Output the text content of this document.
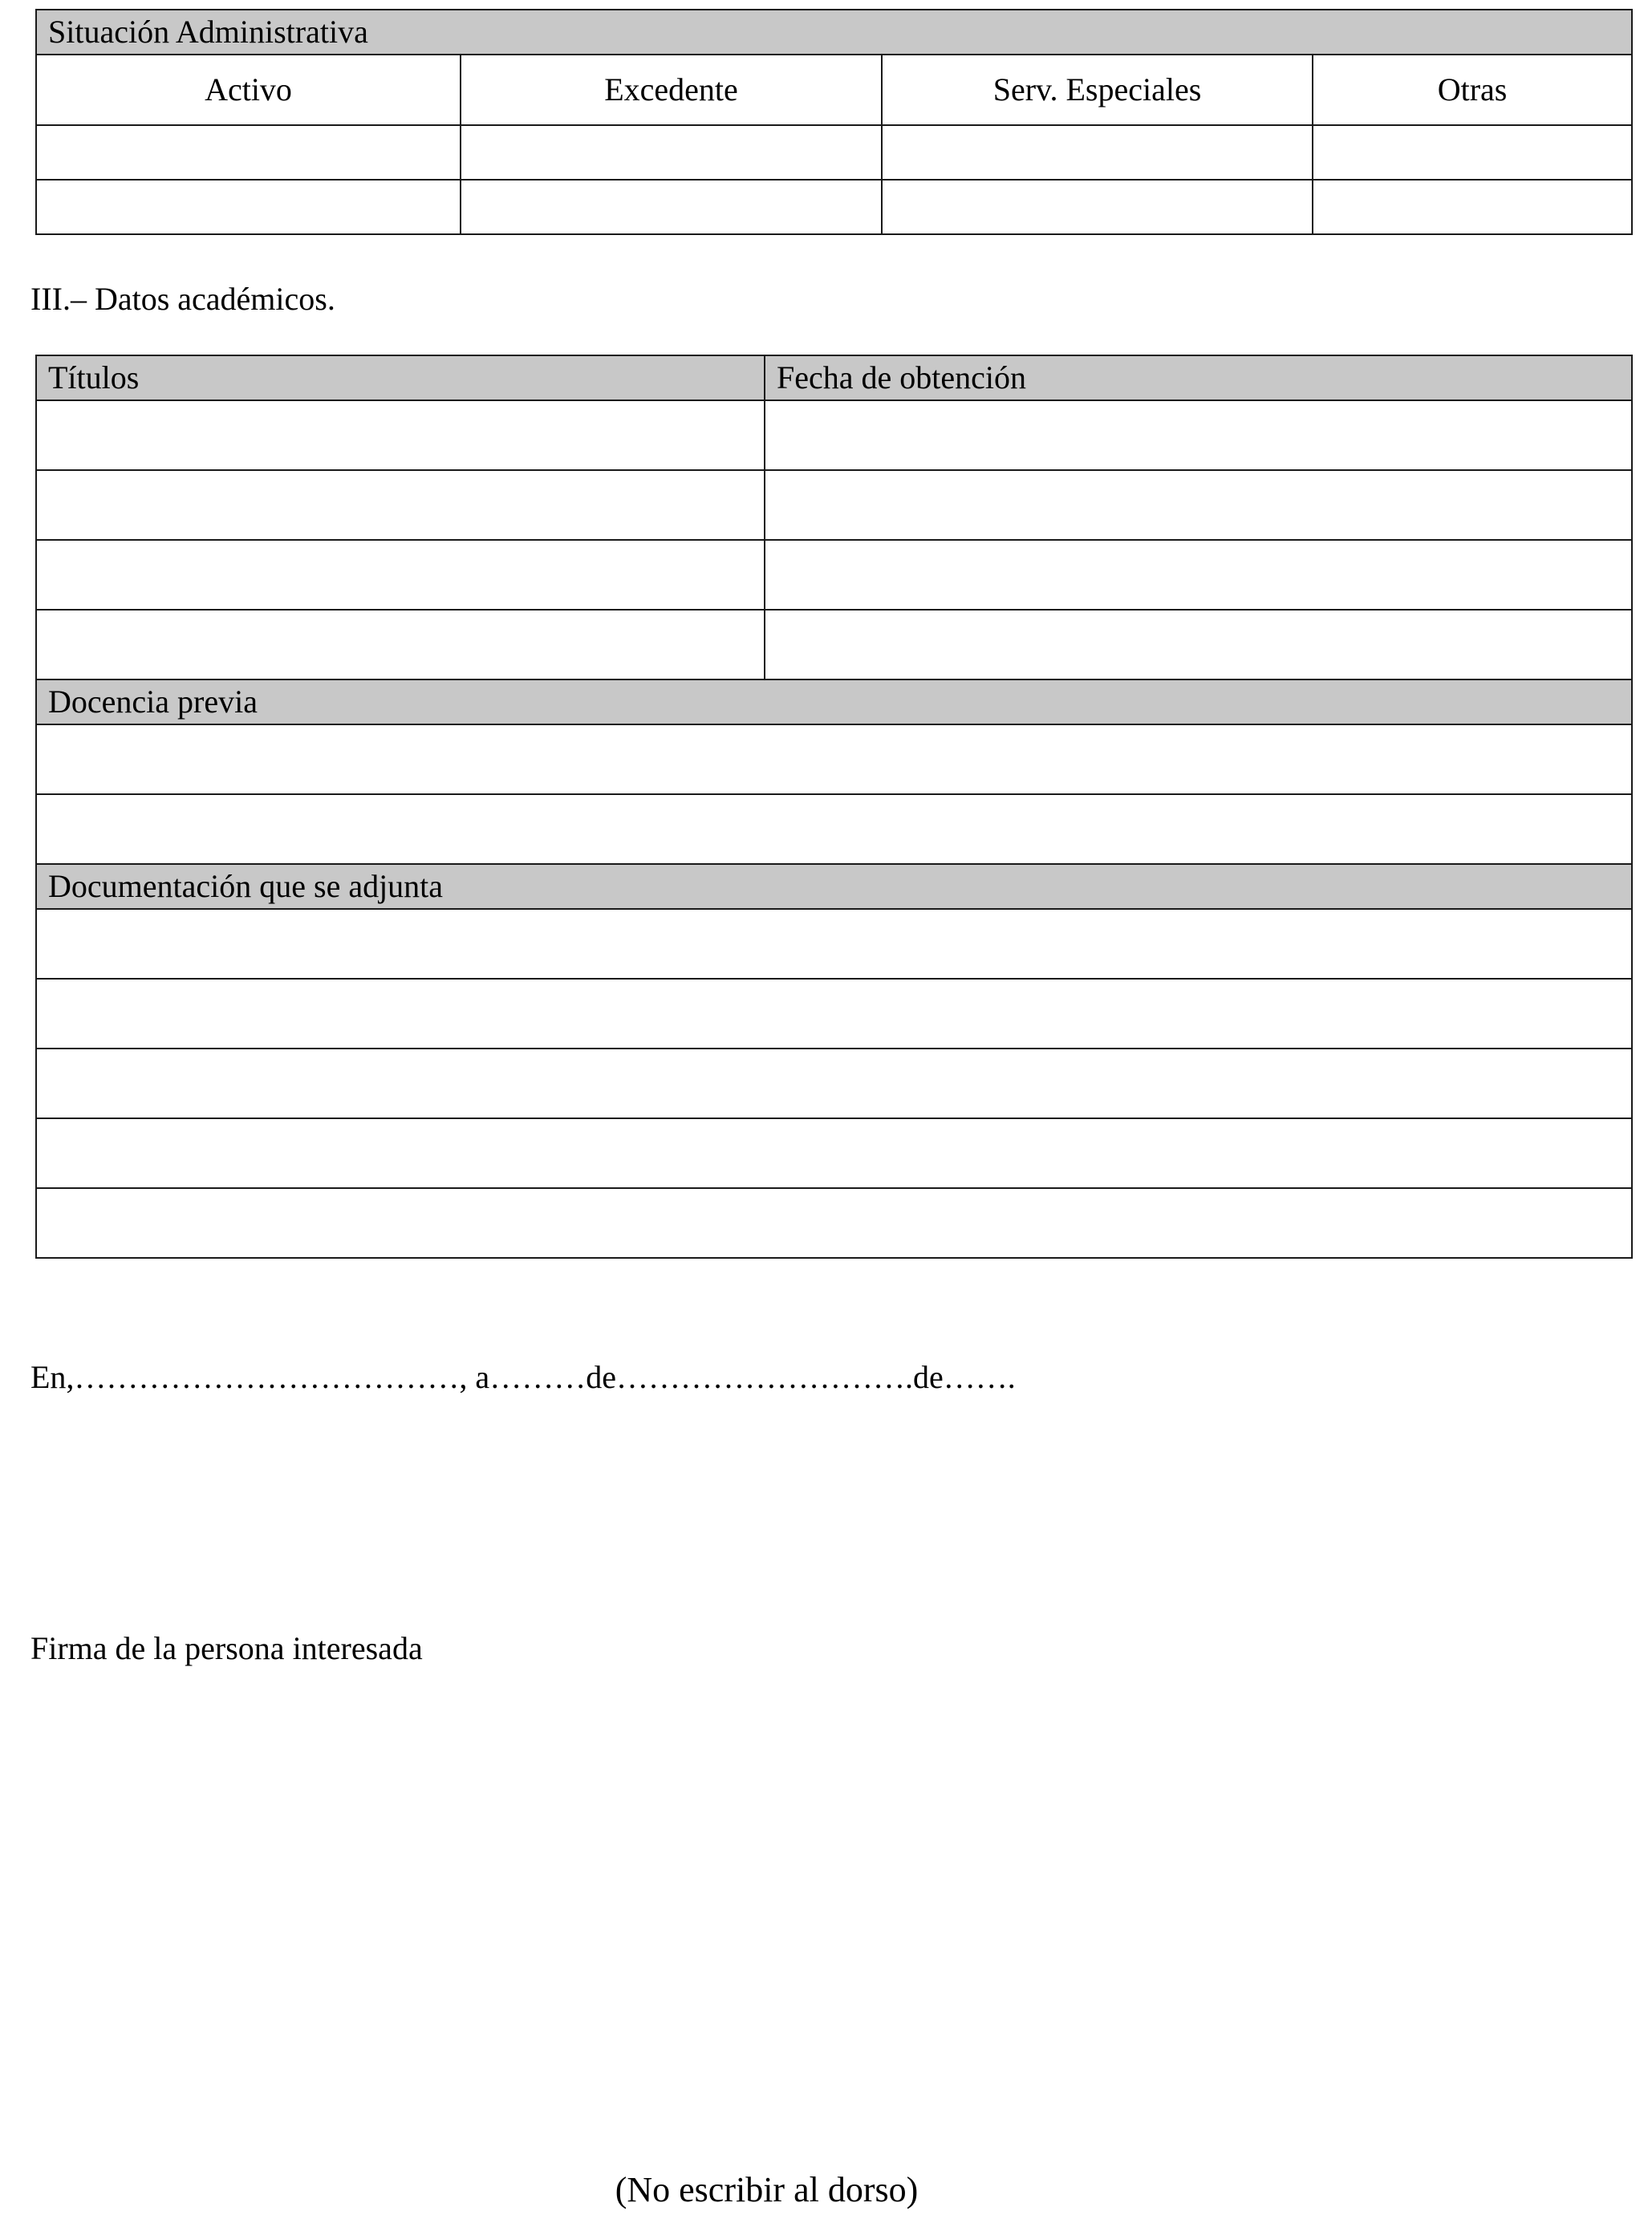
Situación Administrativa			
Activo	Excedente	Serv. Especiales	Otras

III.– Datos académicos.
Títulos	Fecha de obtención

Docencia previa	

Documentación que se adjunta	

En,………………………………, a………de……………………….de…….
Firma de la persona interesada
(No escribir al dorso)
